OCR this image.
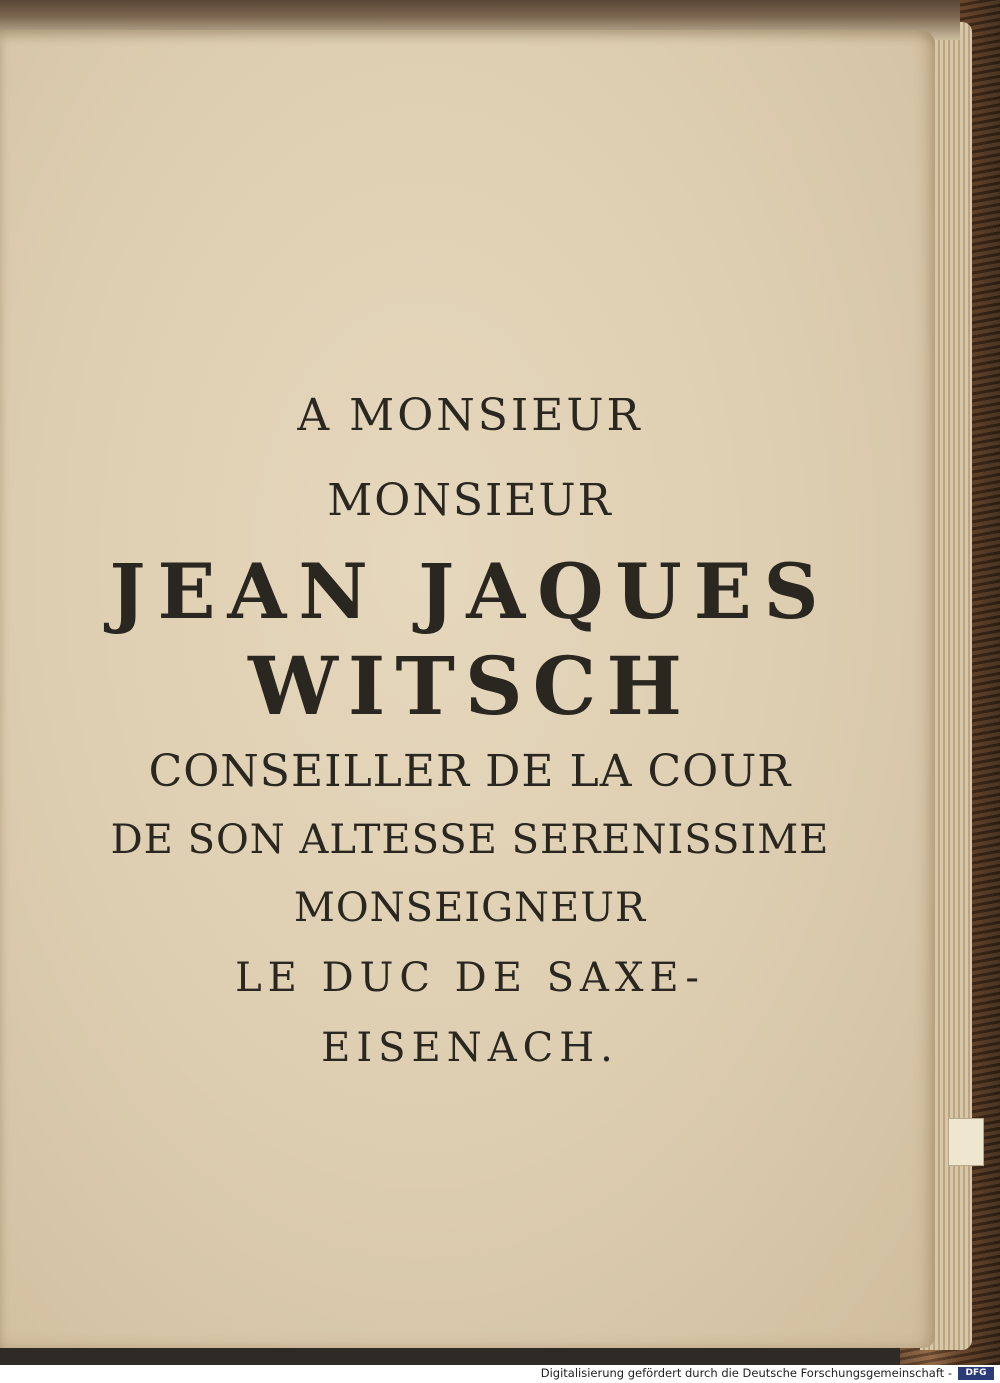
A MONSIEUR
MONSIEUR
JEAN JAQUES
WITSCH
CONSEILLER DE LA COUR
DE SON ALTESSE SERENISSIME
MONSEIGNEUR
LE DUC DE SAXE-
EISENACH.
Digitalisierung gefördert durch die Deutsche Forschungsgemeinschaft -	DFG
